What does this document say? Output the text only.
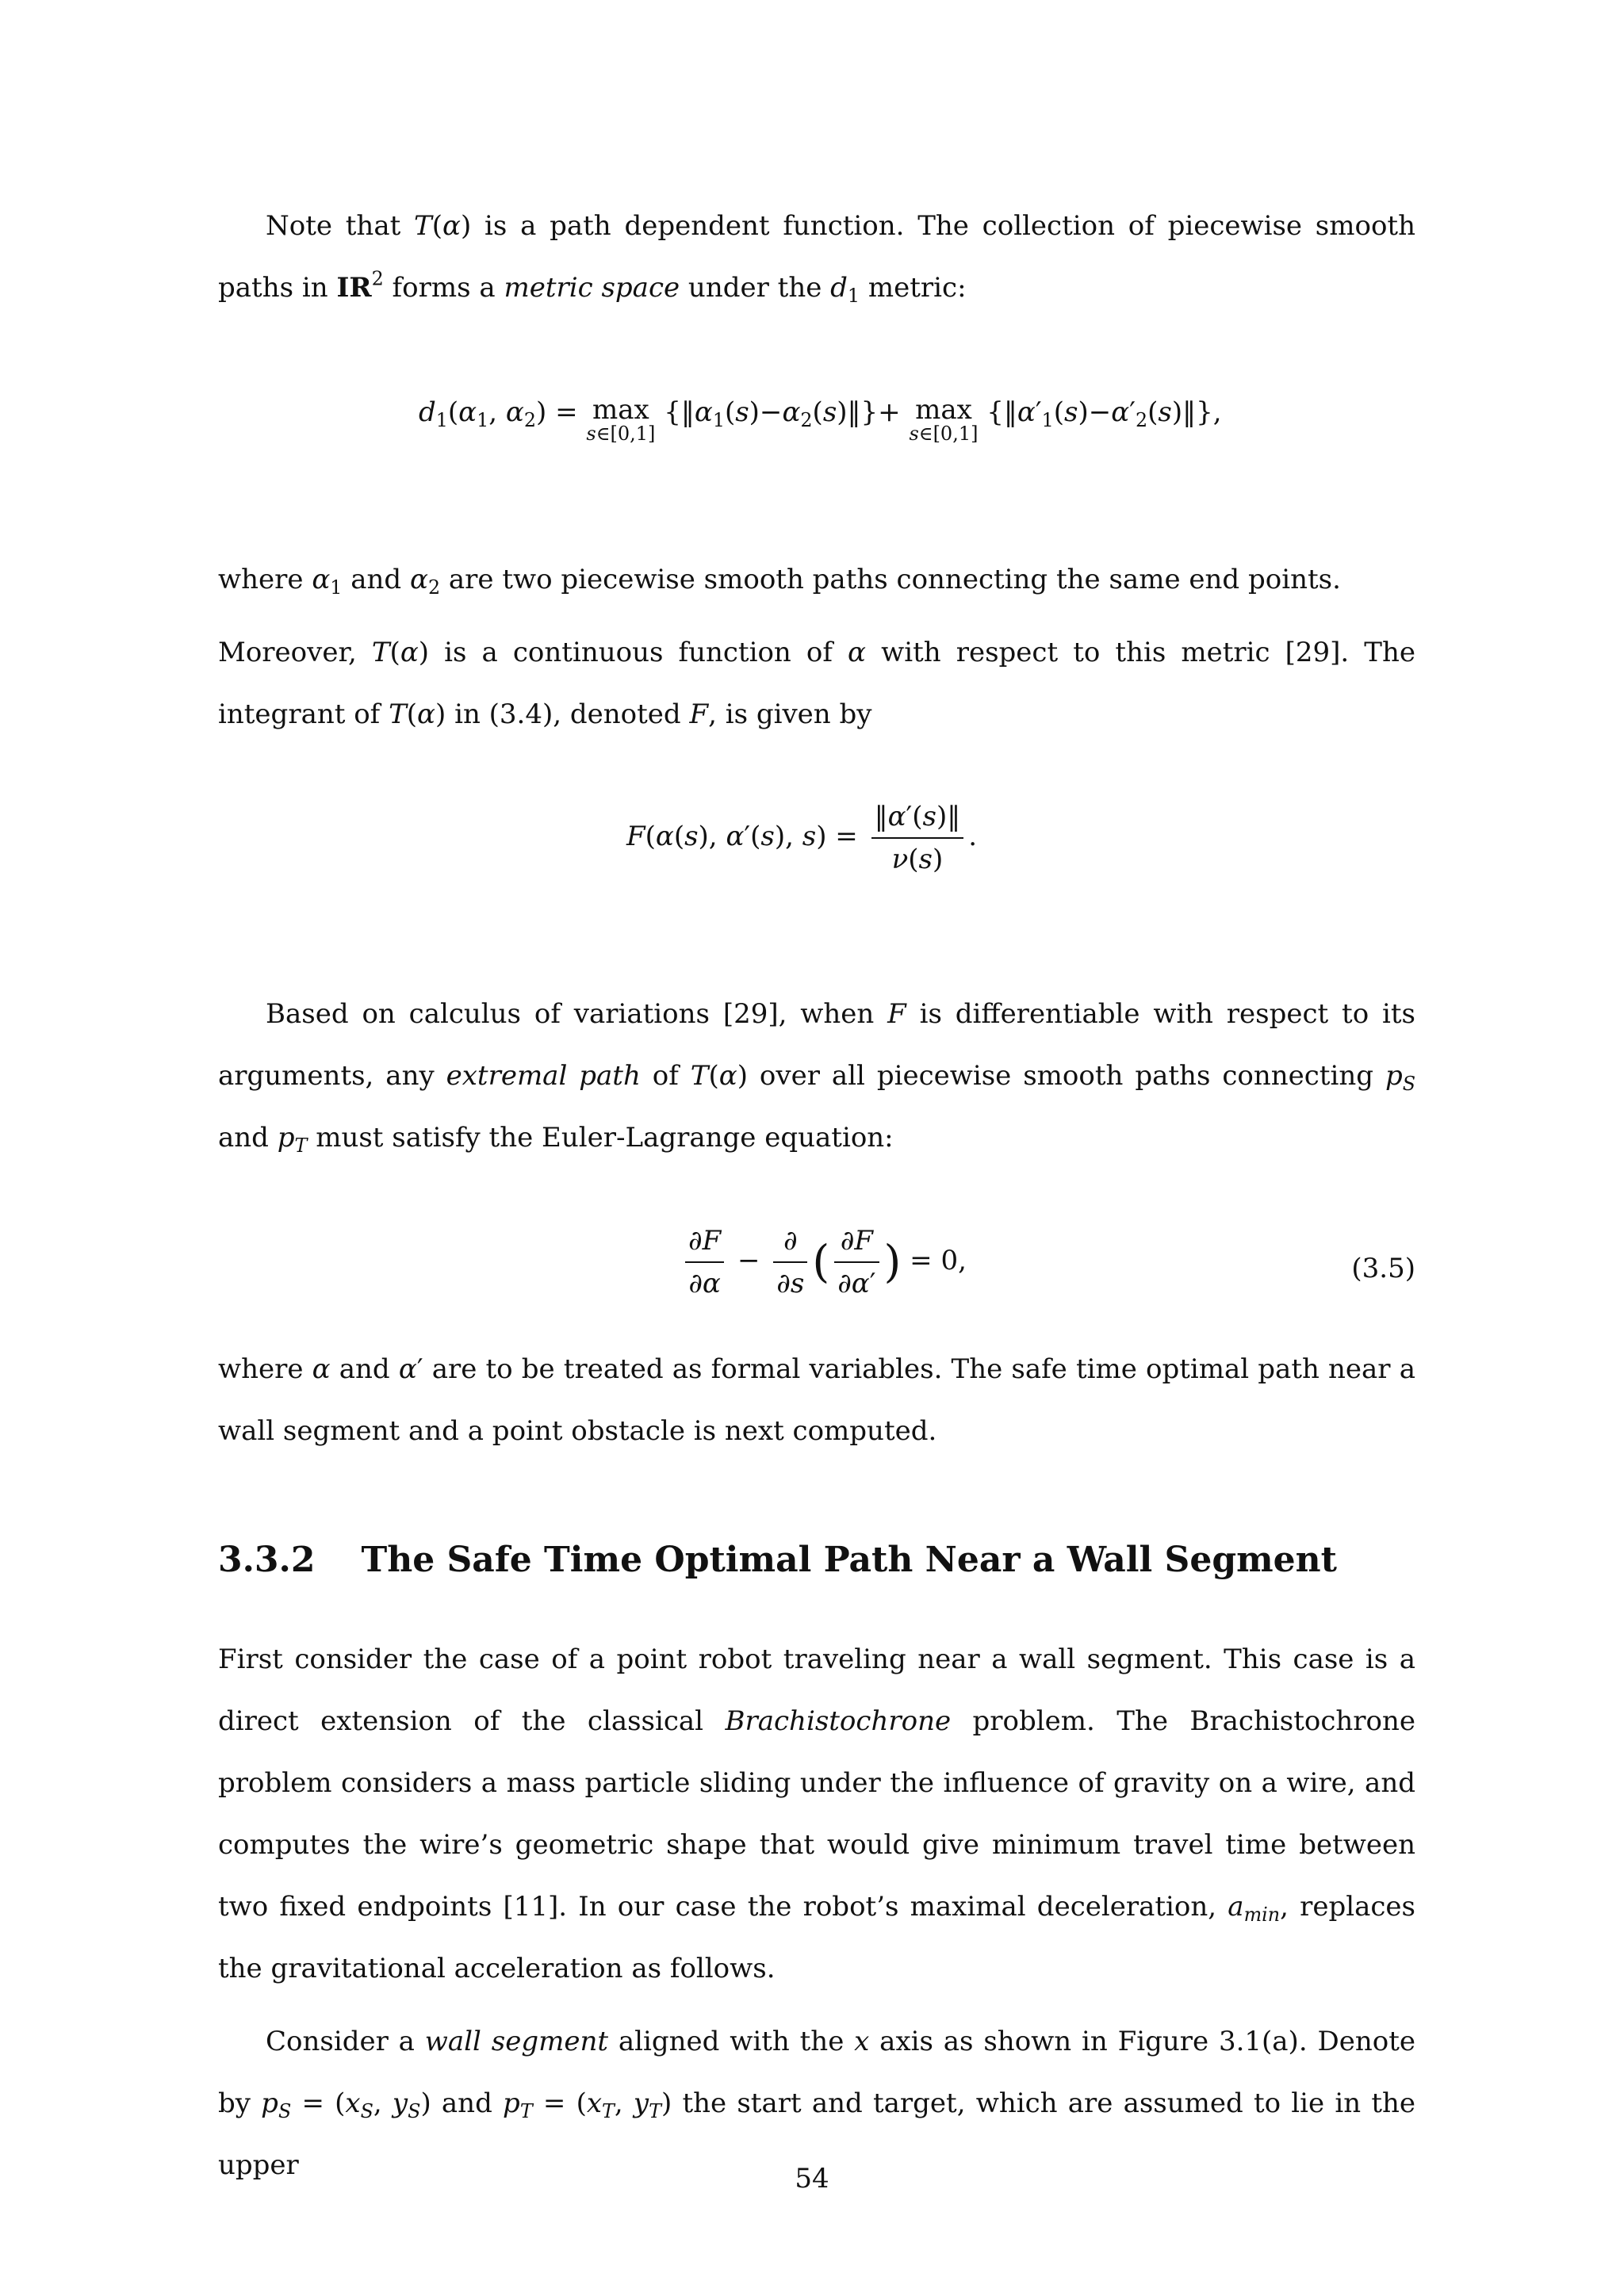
Note that T(α) is a path dependent function. The collection of piecewise smooth paths in $IR^2$ forms a metric space under the $d_1$ metric:

$d_1(\alpha_1$, $\alpha_2) = \max$
s∈[0,1]
$\{‖\alpha_1(s)-\alpha_2(s)‖\}+ \max$
s∈[0,1]
$\{‖\alpha'_1(s)-\alpha'_2(s)‖\}$,

where $\alpha_1$ and $\alpha_2$ are two piecewise smooth paths connecting the same end points.

Moreover, T(α) is a continuous function of α with respect to this metric [29]. The integrant of T(α) in (3.4), denoted F, is given by

F(α(s), α′(s), $s) = \frac{‖\alpha'(s)‖}{\nu(s)}$ .

Based on calculus of variations [29], when F is differentiable with respect to its arguments, any extremal path of T(α) over all piecewise smooth paths connecting $p_S$ and $p_T$ must satisfy the Euler-Lagrange equation:

$\frac{\partial F}{\partial\alpha} - \frac{\partial}{\partial s}$ ( $\frac{\partial F}{\partial\alpha'}$ ) = 0,	(3.5)

where α and α′ are to be treated as formal variables. The safe time optimal path near a wall segment and a point obstacle is next computed.

3.3.2 The Safe Time Optimal Path Near a Wall Segment

First consider the case of a point robot traveling near a wall segment. This case is a direct extension of the classical Brachistochrone problem. The Brachistochrone problem considers a mass particle sliding under the influence of gravity on a wire, and computes the wire’s geometric shape that would give minimum travel time between two fixed endpoints [11]. In our case the robot’s maximal deceleration, $a_{min}$, replaces the gravitational acceleration as follows.

Consider a wall segment aligned with the x axis as shown in Figure 3.1(a). Denote by $p_S = (x_S$, $y_S$) and $p_T = (x_T$, $y_T$) the start and target, which are assumed to lie in the upper	54
